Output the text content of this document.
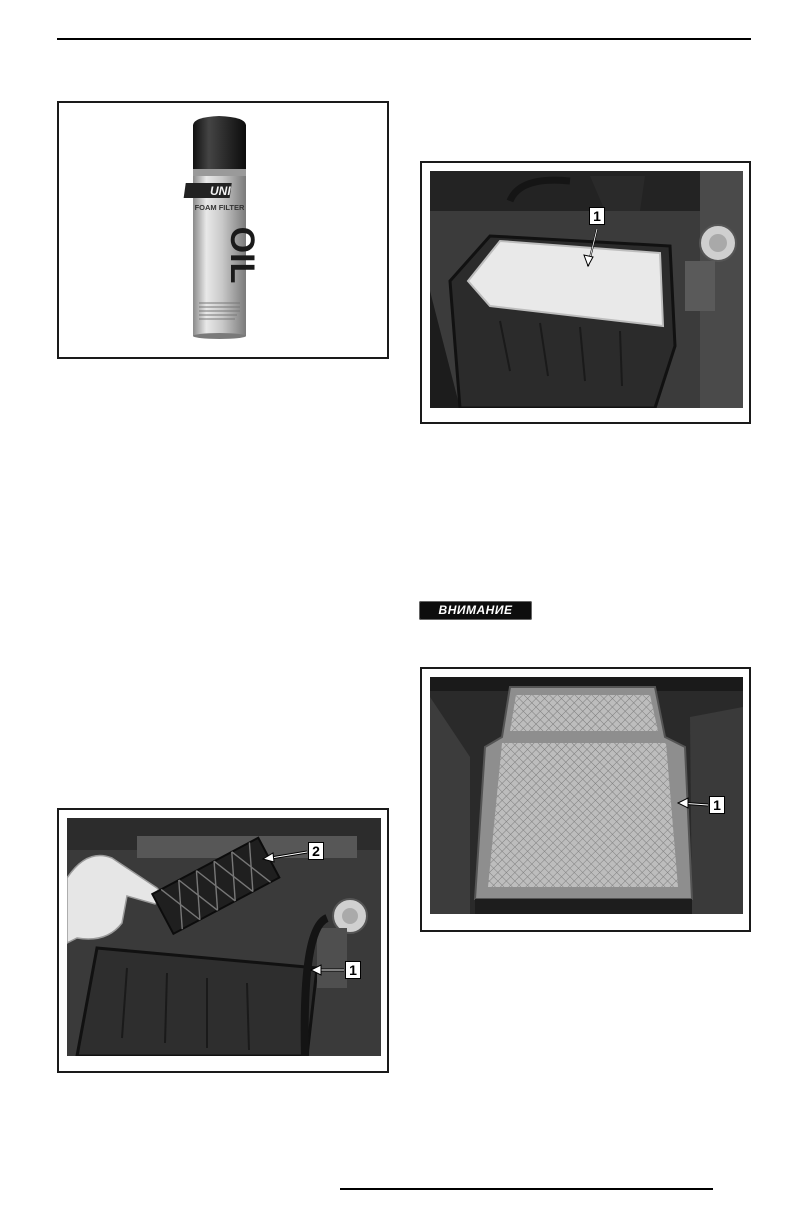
UNI
FOAM FILTER
OIL
1
ВНИМАНИЕ
2
1
1
